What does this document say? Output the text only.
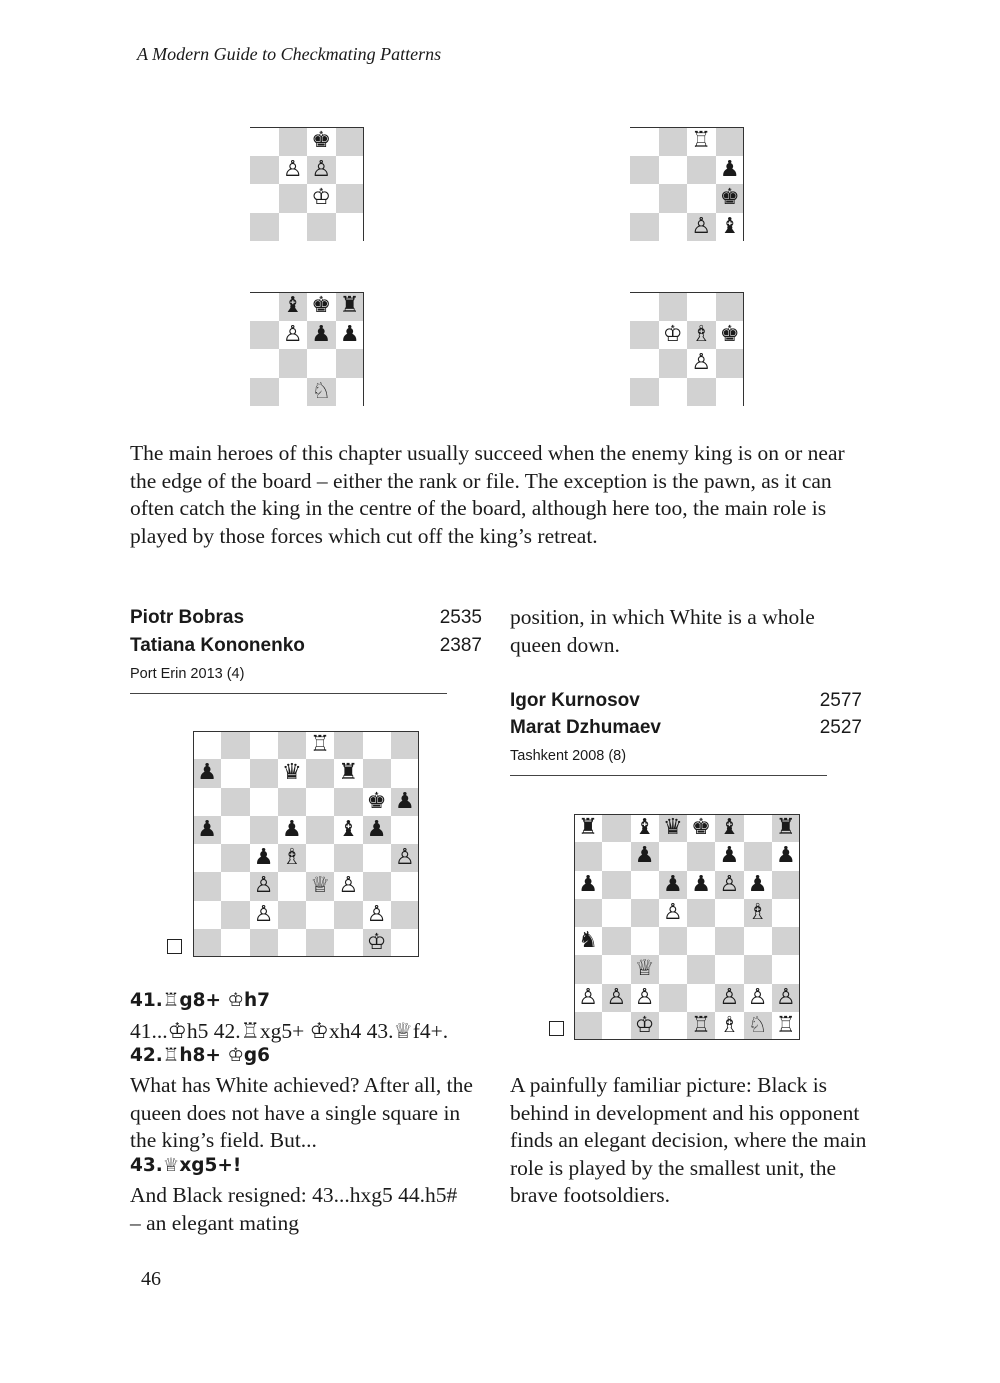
A Modern Guide to Checkmating Patterns
♚
♙ ♙
♔
♖
♟
♚
♙ ♝
♝ ♚ ♜
♙ ♟ ♟
♘
♔ ♗ ♚
♙

The main heroes of this chapter usually succeed when the enemy king is on or near the edge of the board – either the rank or file. The exception is the pawn, as it can often catch the king in the centre of the board, although here too, the main role is played by those forces which cut off the king’s retreat.

Piotr Bobras	2535
Tatiana Kononenko	2387
Port Erin 2013 (4)
♖
♟	♛ ♜
♚ ♟
♟	♟ ♝ ♟
♟ ♗	♙
♙ ♕ ♙
♙	♙
♔
41.♖g8+ ♔h7
41...♔h5 42.♖xg5+ ♔xh4 43.♕f4+.
42.♖h8+ ♔g6

What has White achieved? After all, the queen does not have a single square in the king’s field. But...

43.♕xg5+!

And Black resigned: 43...hxg5 44.h5# – an elegant mating

position, in which White is a whole queen down.

Igor Kurnosov	2577
Marat Dzhumaev	2527
Tashkent 2008 (8)
♜ ♝ ♛ ♚ ♝ ♜
♟	♟ ♟
♟	♟ ♟ ♙ ♟
♙	♗
♞
♕
♙ ♙ ♙	♙ ♙ ♙
♔ ♖ ♗ ♘ ♖

A painfully familiar picture: Black is behind in development and his opponent finds an elegant decision, where the main role is played by the smallest unit, the brave footsoldiers.

46
